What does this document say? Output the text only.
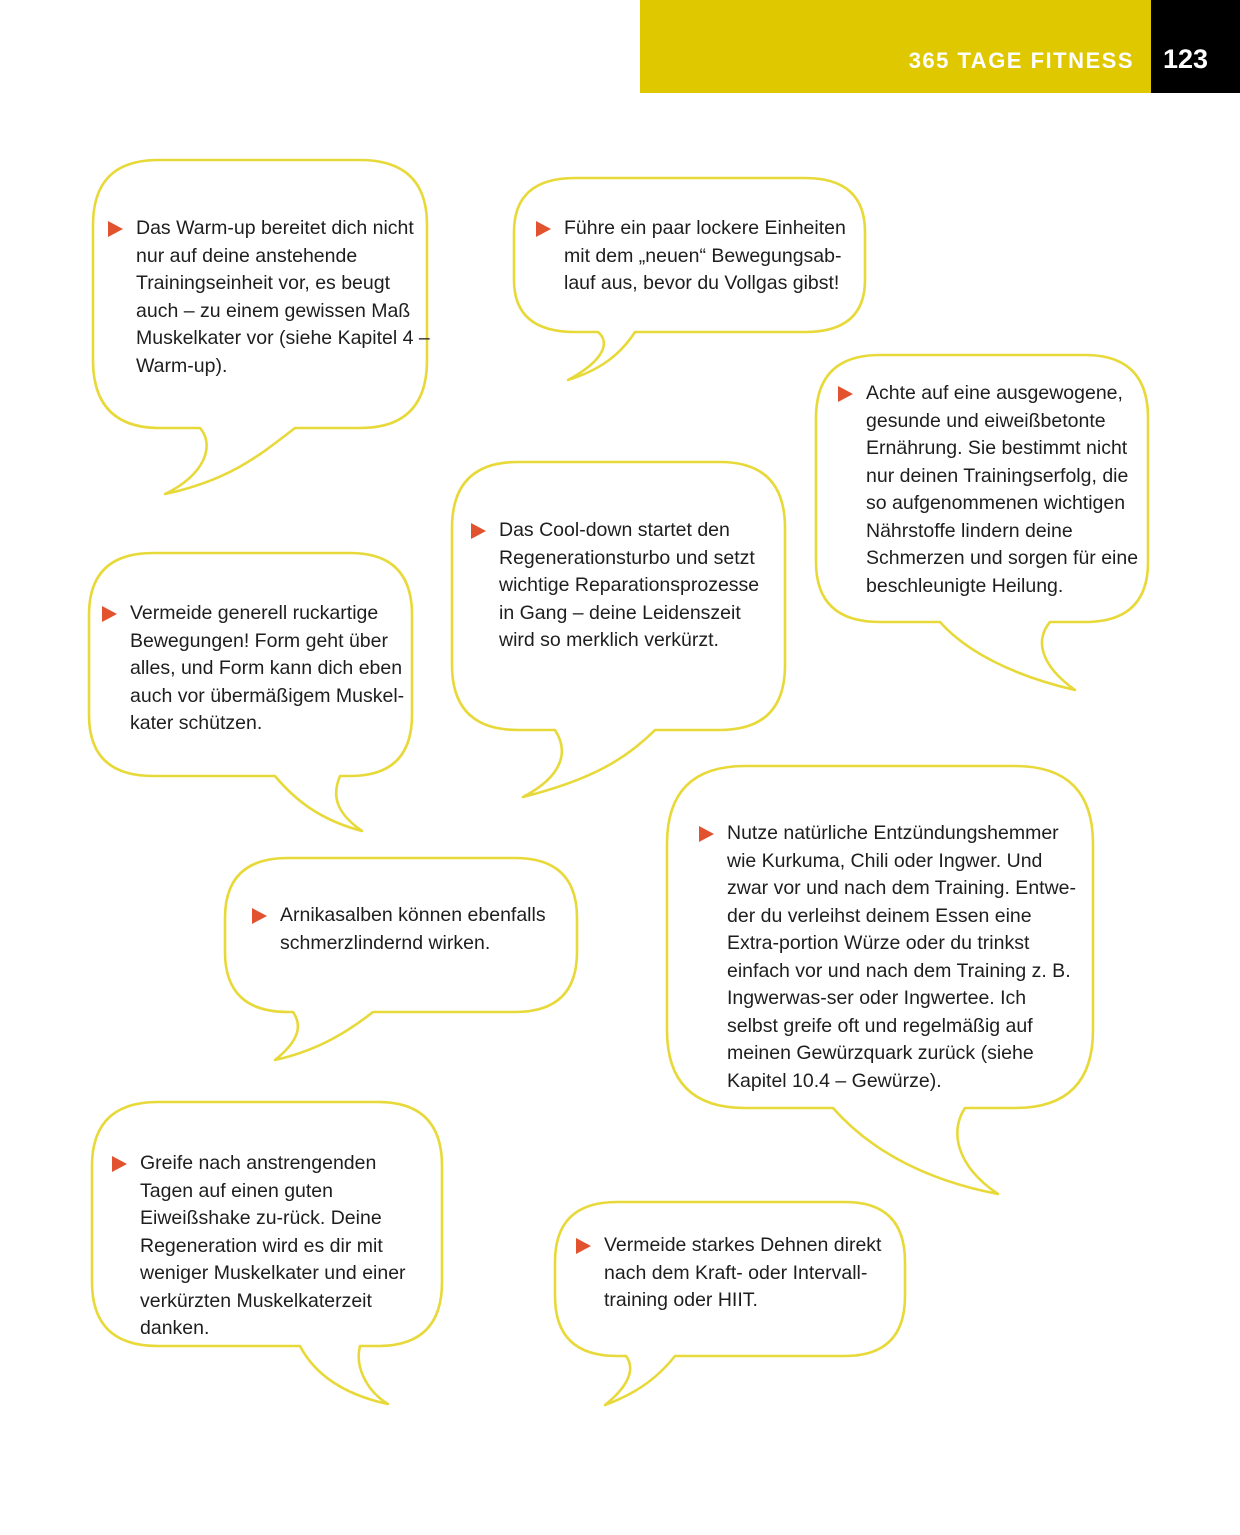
365 TAGE FITNESS 123
Das Warm-up bereitet dich nicht nur auf deine anstehende Trainingseinheit vor, es beugt auch – zu einem gewissen Maß Muskelkater vor (siehe Kapitel 4 – Warm-up).
Führe ein paar lockere Einheiten mit dem „neuen“ Bewegungsab-lauf aus, bevor du Vollgas gibst!
Achte auf eine ausgewogene, gesunde und eiweißbetonte Ernährung. Sie bestimmt nicht nur deinen Trainingserfolg, die so aufgenommenen wichtigen Nährstoffe lindern deine Schmerzen und sorgen für eine beschleunigte Heilung.
Das Cool-down startet den Regenerationsturbo und setzt wichtige Reparationsprozesse in Gang – deine Leidenszeit wird so merklich verkürzt.
Vermeide generell ruckartige Bewegungen! Form geht über alles, und Form kann dich eben auch vor übermäßigem Muskel-kater schützen.
Arnikasalben können ebenfalls schmerzlindernd wirken.
Nutze natürliche Entzündungshemmer wie Kurkuma, Chili oder Ingwer. Und zwar vor und nach dem Training. Entwe-der du verleihst deinem Essen eine Extra-portion Würze oder du trinkst einfach vor und nach dem Training z. B. Ingwerwas-ser oder Ingwertee. Ich selbst greife oft und regelmäßig auf meinen Gewürzquark zurück (siehe Kapitel 10.4 – Gewürze).
Greife nach anstrengenden Tagen auf einen guten Eiweißshake zu-rück. Deine Regeneration wird es dir mit weniger Muskelkater und einer verkürzten Muskelkaterzeit danken.
Vermeide starkes Dehnen direkt nach dem Kraft- oder Intervall-training oder HIIT.
